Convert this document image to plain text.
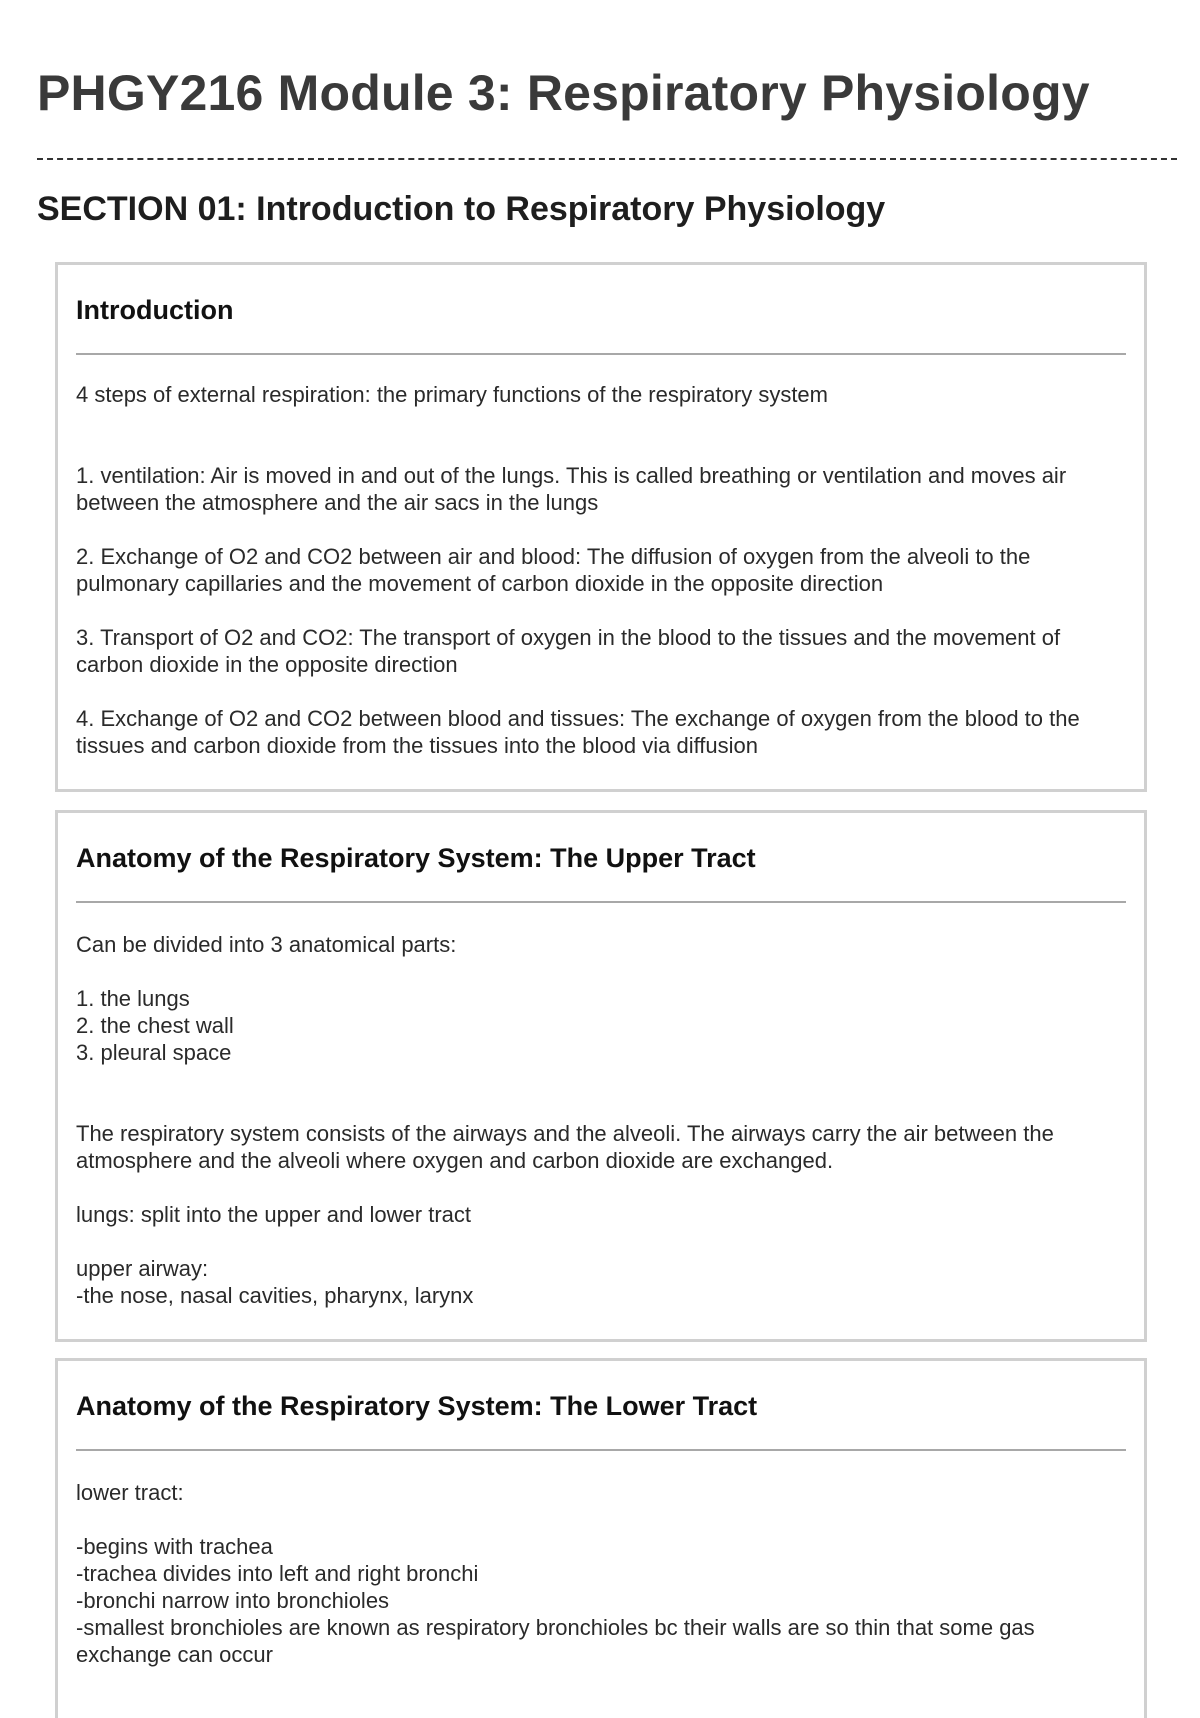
PHGY216 Module 3: Respiratory Physiology
SECTION 01: Introduction to Respiratory Physiology
Introduction

4 steps of external respiration: the primary functions of the respiratory system

1. ventilation: Air is moved in and out of the lungs. This is called breathing or ventilation and moves air between the atmosphere and the air sacs in the lungs

2. Exchange of O2 and CO2 between air and blood: The diffusion of oxygen from the alveoli to the pulmonary capillaries and the movement of carbon dioxide in the opposite direction

3. Transport of O2 and CO2: The transport of oxygen in the blood to the tissues and the movement of carbon dioxide in the opposite direction

4. Exchange of O2 and CO2 between blood and tissues: The exchange of oxygen from the blood to the tissues and carbon dioxide from the tissues into the blood via diffusion

Anatomy of the Respiratory System: The Upper Tract

Can be divided into 3 anatomical parts:

1. the lungs

2. the chest wall

3. pleural space

The respiratory system consists of the airways and the alveoli. The airways carry the air between the atmosphere and the alveoli where oxygen and carbon dioxide are exchanged.

lungs: split into the upper and lower tract

upper airway:

-the nose, nasal cavities, pharynx, larynx

Anatomy of the Respiratory System: The Lower Tract

lower tract:

-begins with trachea

-trachea divides into left and right bronchi

-bronchi narrow into bronchioles

-smallest bronchioles are known as respiratory bronchioles bc their walls are so thin that some gas exchange can occur
